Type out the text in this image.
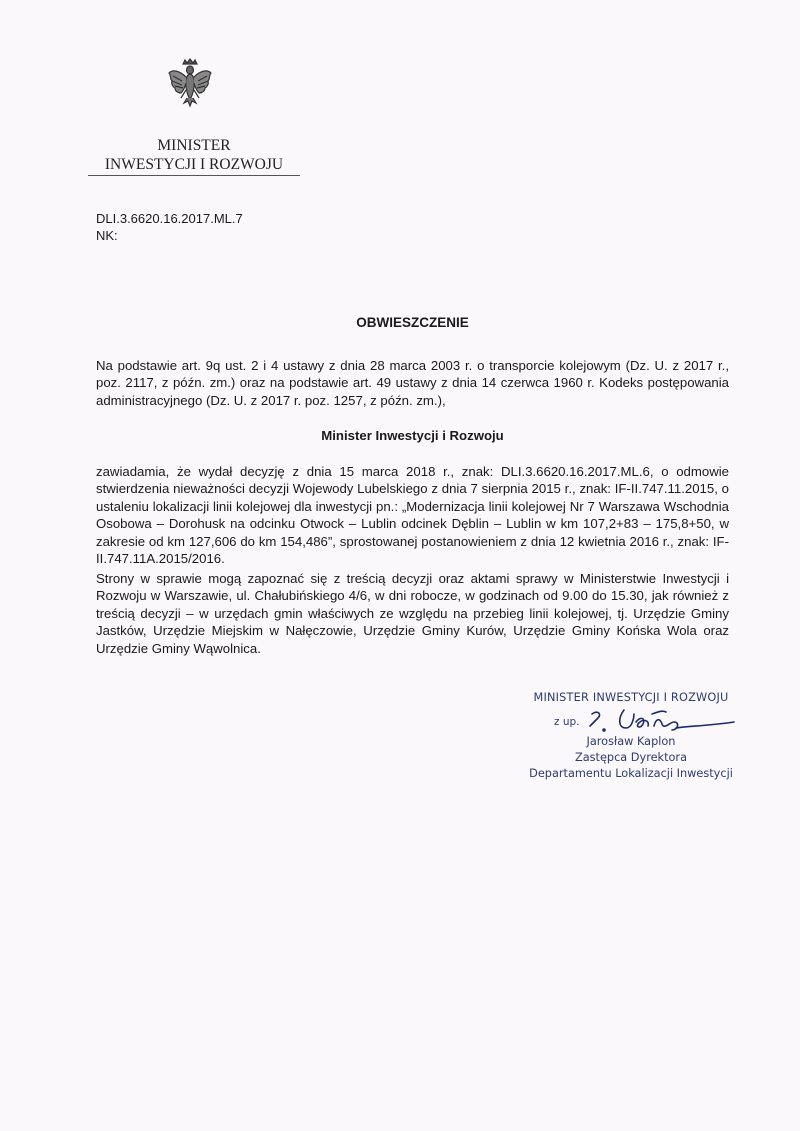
MINISTER
INWESTYCJI I ROZWOJU
DLI.3.6620.16.2017.ML.7
NK:
OBWIESZCZENIE
Na podstawie art. 9q ust. 2 i 4 ustawy z dnia 28 marca 2003 r. o transporcie kolejowym (Dz. U. z 2017 r., poz. 2117, z późn. zm.) oraz na podstawie art. 49 ustawy z dnia 14 czerwca 1960 r. Kodeks postępowania administracyjnego (Dz. U. z 2017 r. poz. 1257, z późn. zm.),
Minister Inwestycji i Rozwoju
zawiadamia, że wydał decyzję z dnia 15 marca 2018 r., znak: DLI.3.6620.16.2017.ML.6, o odmowie stwierdzenia nieważności decyzji Wojewody Lubelskiego z dnia 7 sierpnia 2015 r., znak: IF-II.747.11.2015, o ustaleniu lokalizacji linii kolejowej dla inwestycji pn.: „Modernizacja linii kolejowej Nr 7 Warszawa Wschodnia Osobowa – Dorohusk na odcinku Otwock – Lublin odcinek Dęblin – Lublin w km 107,2+83 – 175,8+50, w zakresie od km 127,606 do km 154,486”, sprostowanej postanowieniem z dnia 12 kwietnia 2016 r., znak: IF-II.747.11A.2015/2016.
Strony w sprawie mogą zapoznać się z treścią decyzji oraz aktami sprawy w Ministerstwie Inwestycji i Rozwoju w Warszawie, ul. Chałubińskiego 4/6, w dni robocze, w godzinach od 9.00 do 15.30, jak również z treścią decyzji – w urzędach gmin właściwych ze względu na przebieg linii kolejowej, tj. Urzędzie Gminy Jastków, Urzędzie Miejskim w Nałęczowie, Urzędzie Gminy Kurów, Urzędzie Gminy Końska Wola oraz Urzędzie Gminy Wąwolnica.
MINISTER INWESTYCJI I ROZWOJU
z up.
Jarosław Kaplon
Zastępca Dyrektora
Departamentu Lokalizacji Inwestycji
